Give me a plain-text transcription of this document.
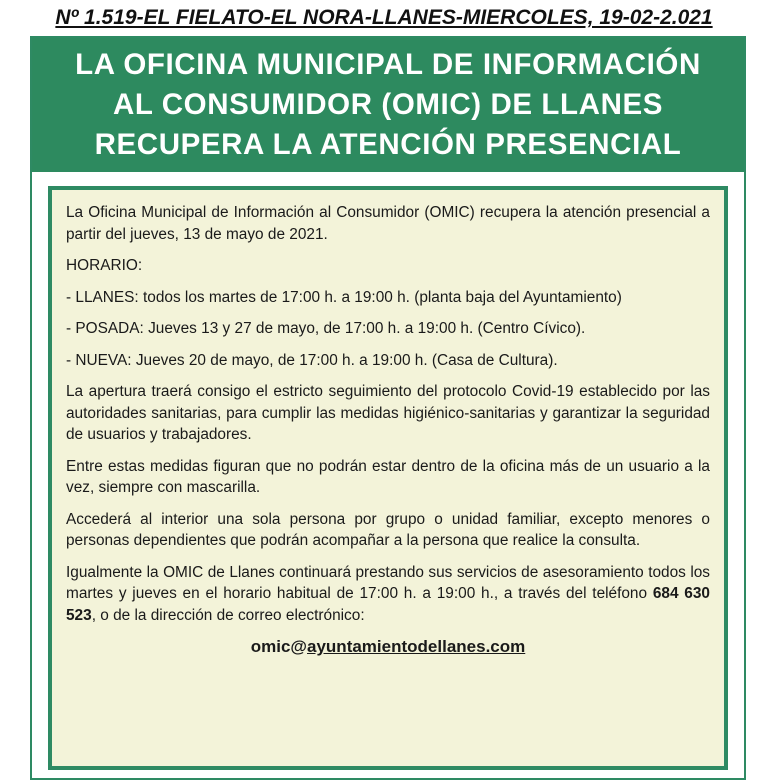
Nº 1.519-EL FIELATO-EL NORA-LLANES-MIERCOLES, 19-02-2.021
LA OFICINA MUNICIPAL DE INFORMACIÓN
AL CONSUMIDOR (OMIC) DE LLANES
RECUPERA LA ATENCIÓN PRESENCIAL

La Oficina Municipal de Información al Consumidor (OMIC) recupera la atención presencial a partir del jueves, 13 de mayo de 2021.

HORARIO:

- LLANES: todos los martes de 17:00 h. a 19:00 h. (planta baja del Ayuntamiento)

- POSADA: Jueves 13 y 27 de mayo, de 17:00 h. a 19:00 h. (Centro Cívico).

- NUEVA: Jueves 20 de mayo, de 17:00 h. a 19:00 h. (Casa de Cultura).

La apertura traerá consigo el estricto seguimiento del protocolo Covid-19 establecido por las autoridades sanitarias, para cumplir las medidas higiénico-sanitarias y garantizar la seguridad de usuarios y trabajadores.

Entre estas medidas figuran que no podrán estar dentro de la oficina más de un usuario a la vez, siempre con mascarilla.

Accederá al interior una sola persona por grupo o unidad familiar, excepto menores o personas dependientes que podrán acompañar a la persona que realice la consulta.

Igualmente la OMIC de Llanes continuará prestando sus servicios de asesoramiento todos los martes y jueves en el horario habitual de 17:00 h. a 19:00 h., a través del teléfono 684 630 523, o de la dirección de correo electrónico:

omic@ayuntamientodellanes.com
